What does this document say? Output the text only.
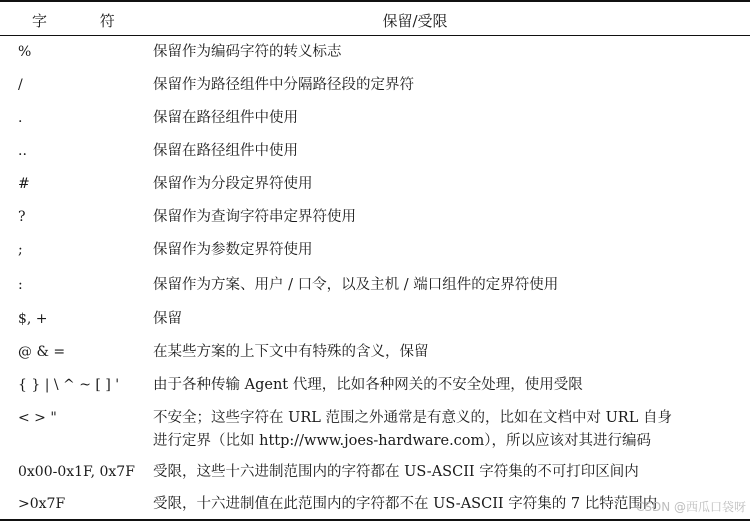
字 符	保留/受限
%	保留作为编码字符的转义标志
/	保留作为路径组件中分隔路径段的定界符
.	保留在路径组件中使用
..	保留在路径组件中使用
#	保留作为分段定界符使用
?	保留作为查询字符串定界符使用
;	保留作为参数定界符使用
:	保留作为方案、用户 / 口令，以及主机 / 端口组件的定界符使用
$, +	保留
@ & =	在某些方案的上下文中有特殊的含义，保留
{ } | \ ^ ~ [ ] ' 由于各种传输 Agent 代理，比如各种网关的不安全处理，使用受限
< > "	不安全；这些字符在 URL 范围之外通常是有意义的，比如在文档中对 URL 自身
进行定界（比如 http://www.joes-hardware.com），所以应该对其进行编码
0x00-0x1F, 0x7F 受限，这些十六进制范围内的字符都在 US-ASCII 字符集的不可打印区间内
>0x7F	受限，十六进制值在此范围内的字符都不在 US-ASCII 字符集的 7 比特范围内
CSDN @西瓜口袋呀
